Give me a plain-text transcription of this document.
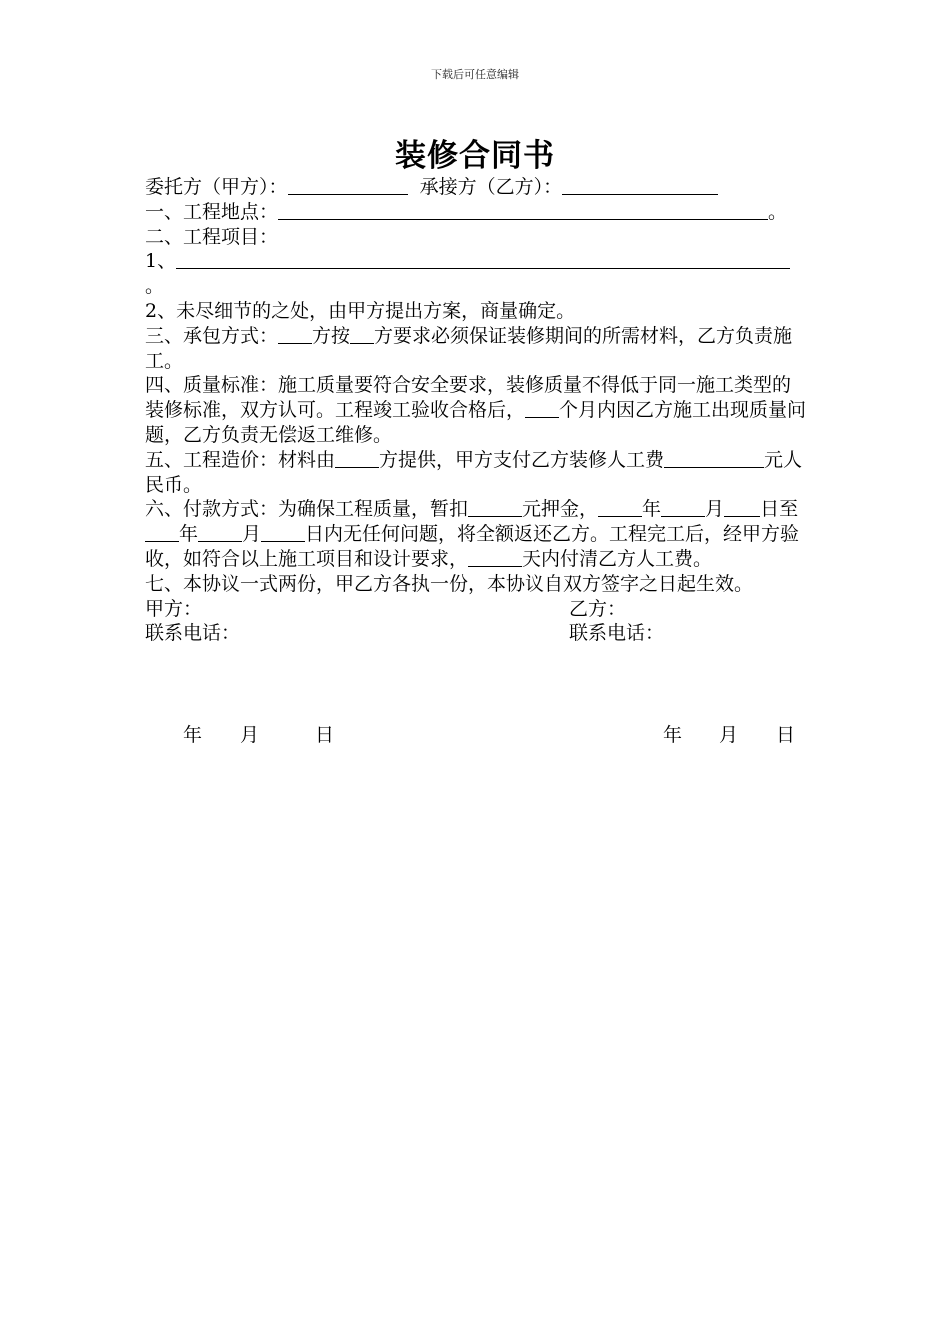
下载后可任意编辑
装修合同书

委托方（甲方）：	承接方（乙方）：

一、工程地点：	。

二、工程项目：

1、

。

2、未尽细节的之处，由甲方提出方案，商量确定。

三、承包方式： 方按 方要求必须保证装修期间的所需材料，乙方负责施工。

四、质量标准：施工质量要符合安全要求，装修质量不得低于同一施工类型的装修标准，双方认可。工程竣工验收合格后， 个月内因乙方施工出现质量问题，乙方负责无偿返工维修。

五、工程造价：材料由 方提供，甲方支付乙方装修人工费	元人民币。

六、付款方式：为确保工程质量，暂扣	元押金， 年 月 日至年 月 日内无任何问题，将全额返还乙方。工程完工后，经甲方验收，如符合以上施工项目和设计要求，	天内付清乙方人工费。

七、本协议一式两份，甲乙方各执一份，本协议自双方签字之日起生效。

甲方：	乙方：
联系电话：	联系电话：
年 月	日	年 月 日
